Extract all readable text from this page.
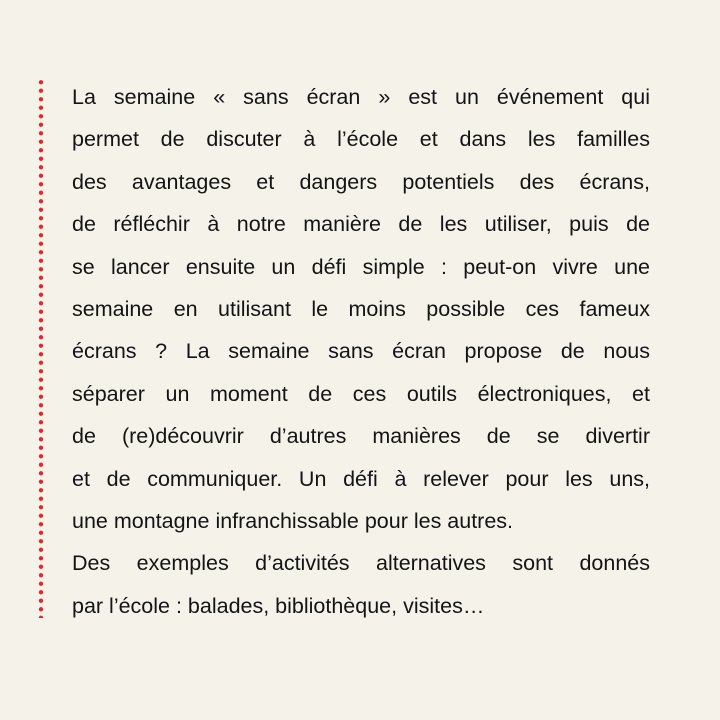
La semaine « sans écran » est un événement qui
permet de discuter à l’école et dans les familles
des avantages et dangers potentiels des écrans,
de réfléchir à notre manière de les utiliser, puis de
se lancer ensuite un défi simple : peut-on vivre une
semaine en utilisant le moins possible ces fameux
écrans ? La semaine sans écran propose de nous
séparer un moment de ces outils électroniques, et
de (re)découvrir d’autres manières de se divertir
et de communiquer. Un défi à relever pour les uns,
une montagne infranchissable pour les autres.
Des exemples d’activités alternatives sont donnés
par l’école : balades, bibliothèque, visites…
